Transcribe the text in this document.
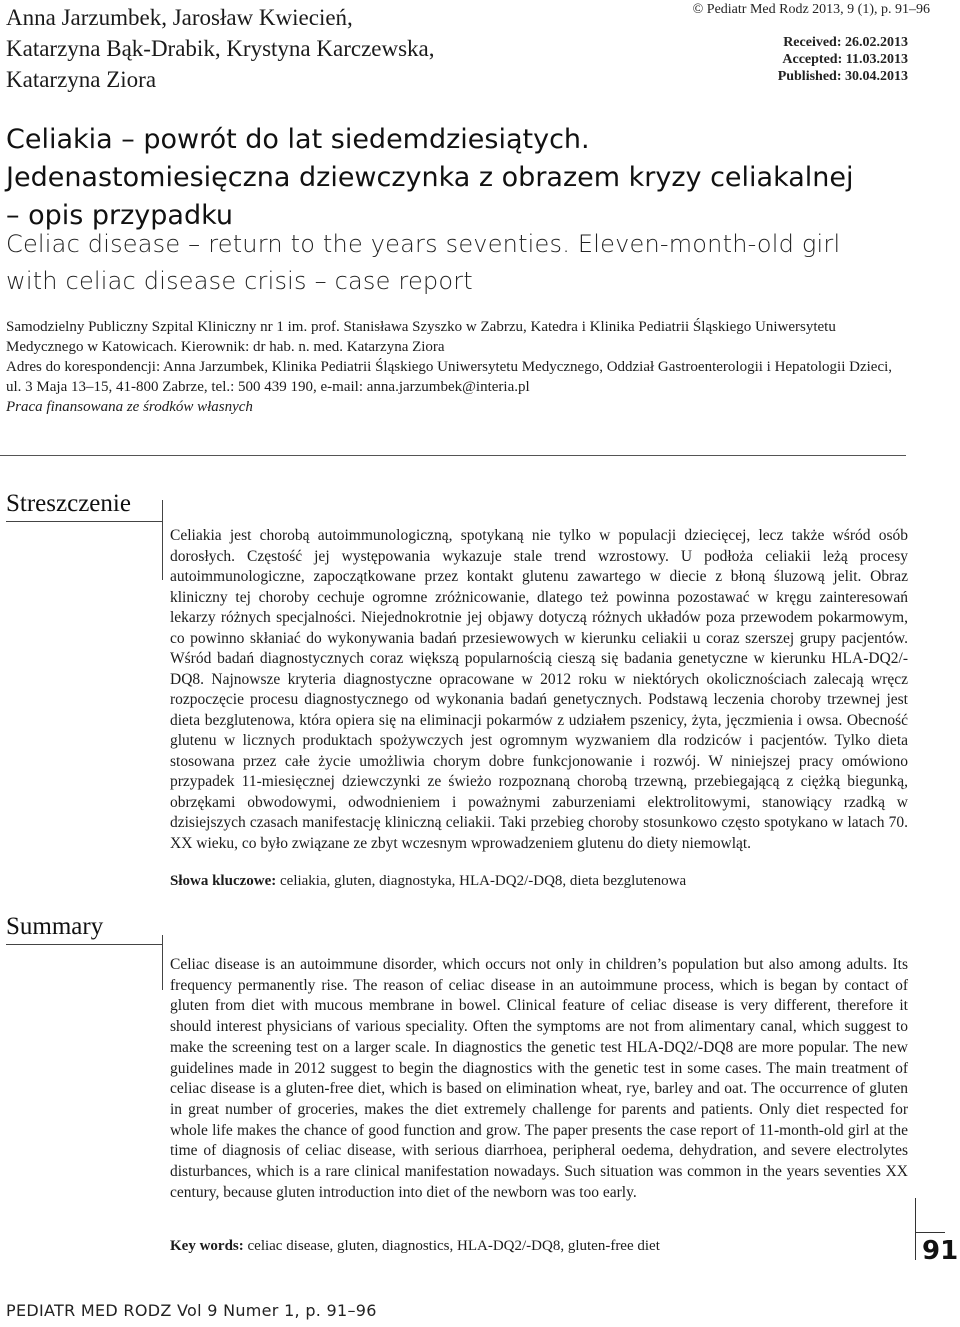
Anna Jarzumbek, Jarosław Kwiecień,
Katarzyna Bąk-Drabik, Krystyna Karczewska,
Katarzyna Ziora
© Pediatr Med Rodz 2013, 9 (1), p. 91–96
Received: 26.02.2013
Accepted: 11.03.2013
Published: 30.04.2013
Celiakia – powrót do lat siedemdziesiątych.
Jedenastomiesięczna dziewczynka z obrazem kryzy celiakalnej
– opis przypadku
Celiac disease – return to the years seventies. Eleven-month-old girl
with celiac disease crisis – case report
Samodzielny Publiczny Szpital Kliniczny nr 1 im. prof. Stanisława Szyszko w Zabrzu, Katedra i Klinika Pediatrii Śląskiego Uniwersytetu Medycznego w Katowicach. Kierownik: dr hab. n. med. Katarzyna Ziora
Adres do korespondencji: Anna Jarzumbek, Klinika Pediatrii Śląskiego Uniwersytetu Medycznego, Oddział Gastroenterologii i Hepatologii Dzieci, ul. 3 Maja 13–15, 41-800 Zabrze, tel.: 500 439 190, e-mail: anna.jarzumbek@interia.pl
Praca finansowana ze środków własnych
Streszczenie
Celiakia jest chorobą autoimmunologiczną, spotykaną nie tylko w populacji dziecięcej, lecz także wśród osób dorosłych. Częstość jej występowania wykazuje stale trend wzrostowy. U podłoża celiakii leżą procesy autoimmunologiczne, zapoczątkowane przez kontakt glutenu zawartego w diecie z błoną śluzową jelit. Obraz kliniczny tej choroby cechuje ogromne zróżnicowanie, dlatego też powinna pozostawać w kręgu zainteresowań lekarzy różnych specjalności. Niejednokrotnie jej objawy dotyczą różnych układów poza przewodem pokarmowym, co powinno skłaniać do wykonywania badań przesiewowych w kierunku celiakii u coraz szerszej grupy pacjentów. Wśród badań diagnostycznych coraz większą popularnością cieszą się badania genetyczne w kierunku HLA-DQ2/-DQ8. Najnowsze kryteria diagnostyczne opracowane w 2012 roku w niektórych okolicznościach zalecają wręcz rozpoczęcie procesu diagnostycznego od wykonania badań genetycznych. Podstawą leczenia choroby trzewnej jest dieta bezglutenowa, która opiera się na eliminacji pokarmów z udziałem pszenicy, żyta, jęczmienia i owsa. Obecność glutenu w licznych produktach spożywczych jest ogromnym wyzwaniem dla rodziców i pacjentów. Tylko dieta stosowana przez całe życie umożliwia chorym dobre funkcjonowanie i rozwój. W niniejszej pracy omówiono przypadek 11-miesięcznej dziewczynki ze świeżo rozpoznaną chorobą trzewną, przebiegającą z ciężką biegunką, obrzękami obwodowymi, odwodnieniem i poważnymi zaburzeniami elektrolitowymi, stanowiący rzadką w dzisiejszych czasach manifestację kliniczną celiakii. Taki przebieg choroby stosunkowo często spotykano w latach 70. XX wieku, co było związane ze zbyt wczesnym wprowadzeniem glutenu do diety niemowląt.
Słowa kluczowe: celiakia, gluten, diagnostyka, HLA-DQ2/-DQ8, dieta bezglutenowa
Summary
Celiac disease is an autoimmune disorder, which occurs not only in children’s population but also among adults. Its frequency permanently rise. The reason of celiac disease in an autoimmune process, which is began by contact of gluten from diet with mucous membrane in bowel. Clinical feature of celiac disease is very different, therefore it should interest physicians of various speciality. Often the symptoms are not from alimentary canal, which suggest to make the screening test on a larger scale. In diagnostics the genetic test HLA-DQ2/-DQ8 are more popular. The new guidelines made in 2012 suggest to begin the diagnostics with the genetic test in some cases. The main treatment of celiac disease is a gluten-free diet, which is based on elimination wheat, rye, barley and oat. The occurrence of gluten in great number of groceries, makes the diet extremely challenge for parents and patients. Only diet respected for whole life makes the chance of good function and grow. The paper presents the case report of 11-month-old girl at the time of diagnosis of celiac disease, with serious diarrhoea, peripheral oedema, dehydration, and severe electrolytes disturbances, which is a rare clinical manifestation nowadays. Such situation was common in the years seventies XX century, because gluten introduction into diet of the newborn was too early.
Key words: celiac disease, gluten, diagnostics, HLA-DQ2/-DQ8, gluten-free diet	91
PEDIATR MED RODZ Vol 9 Numer 1, p. 91–96
